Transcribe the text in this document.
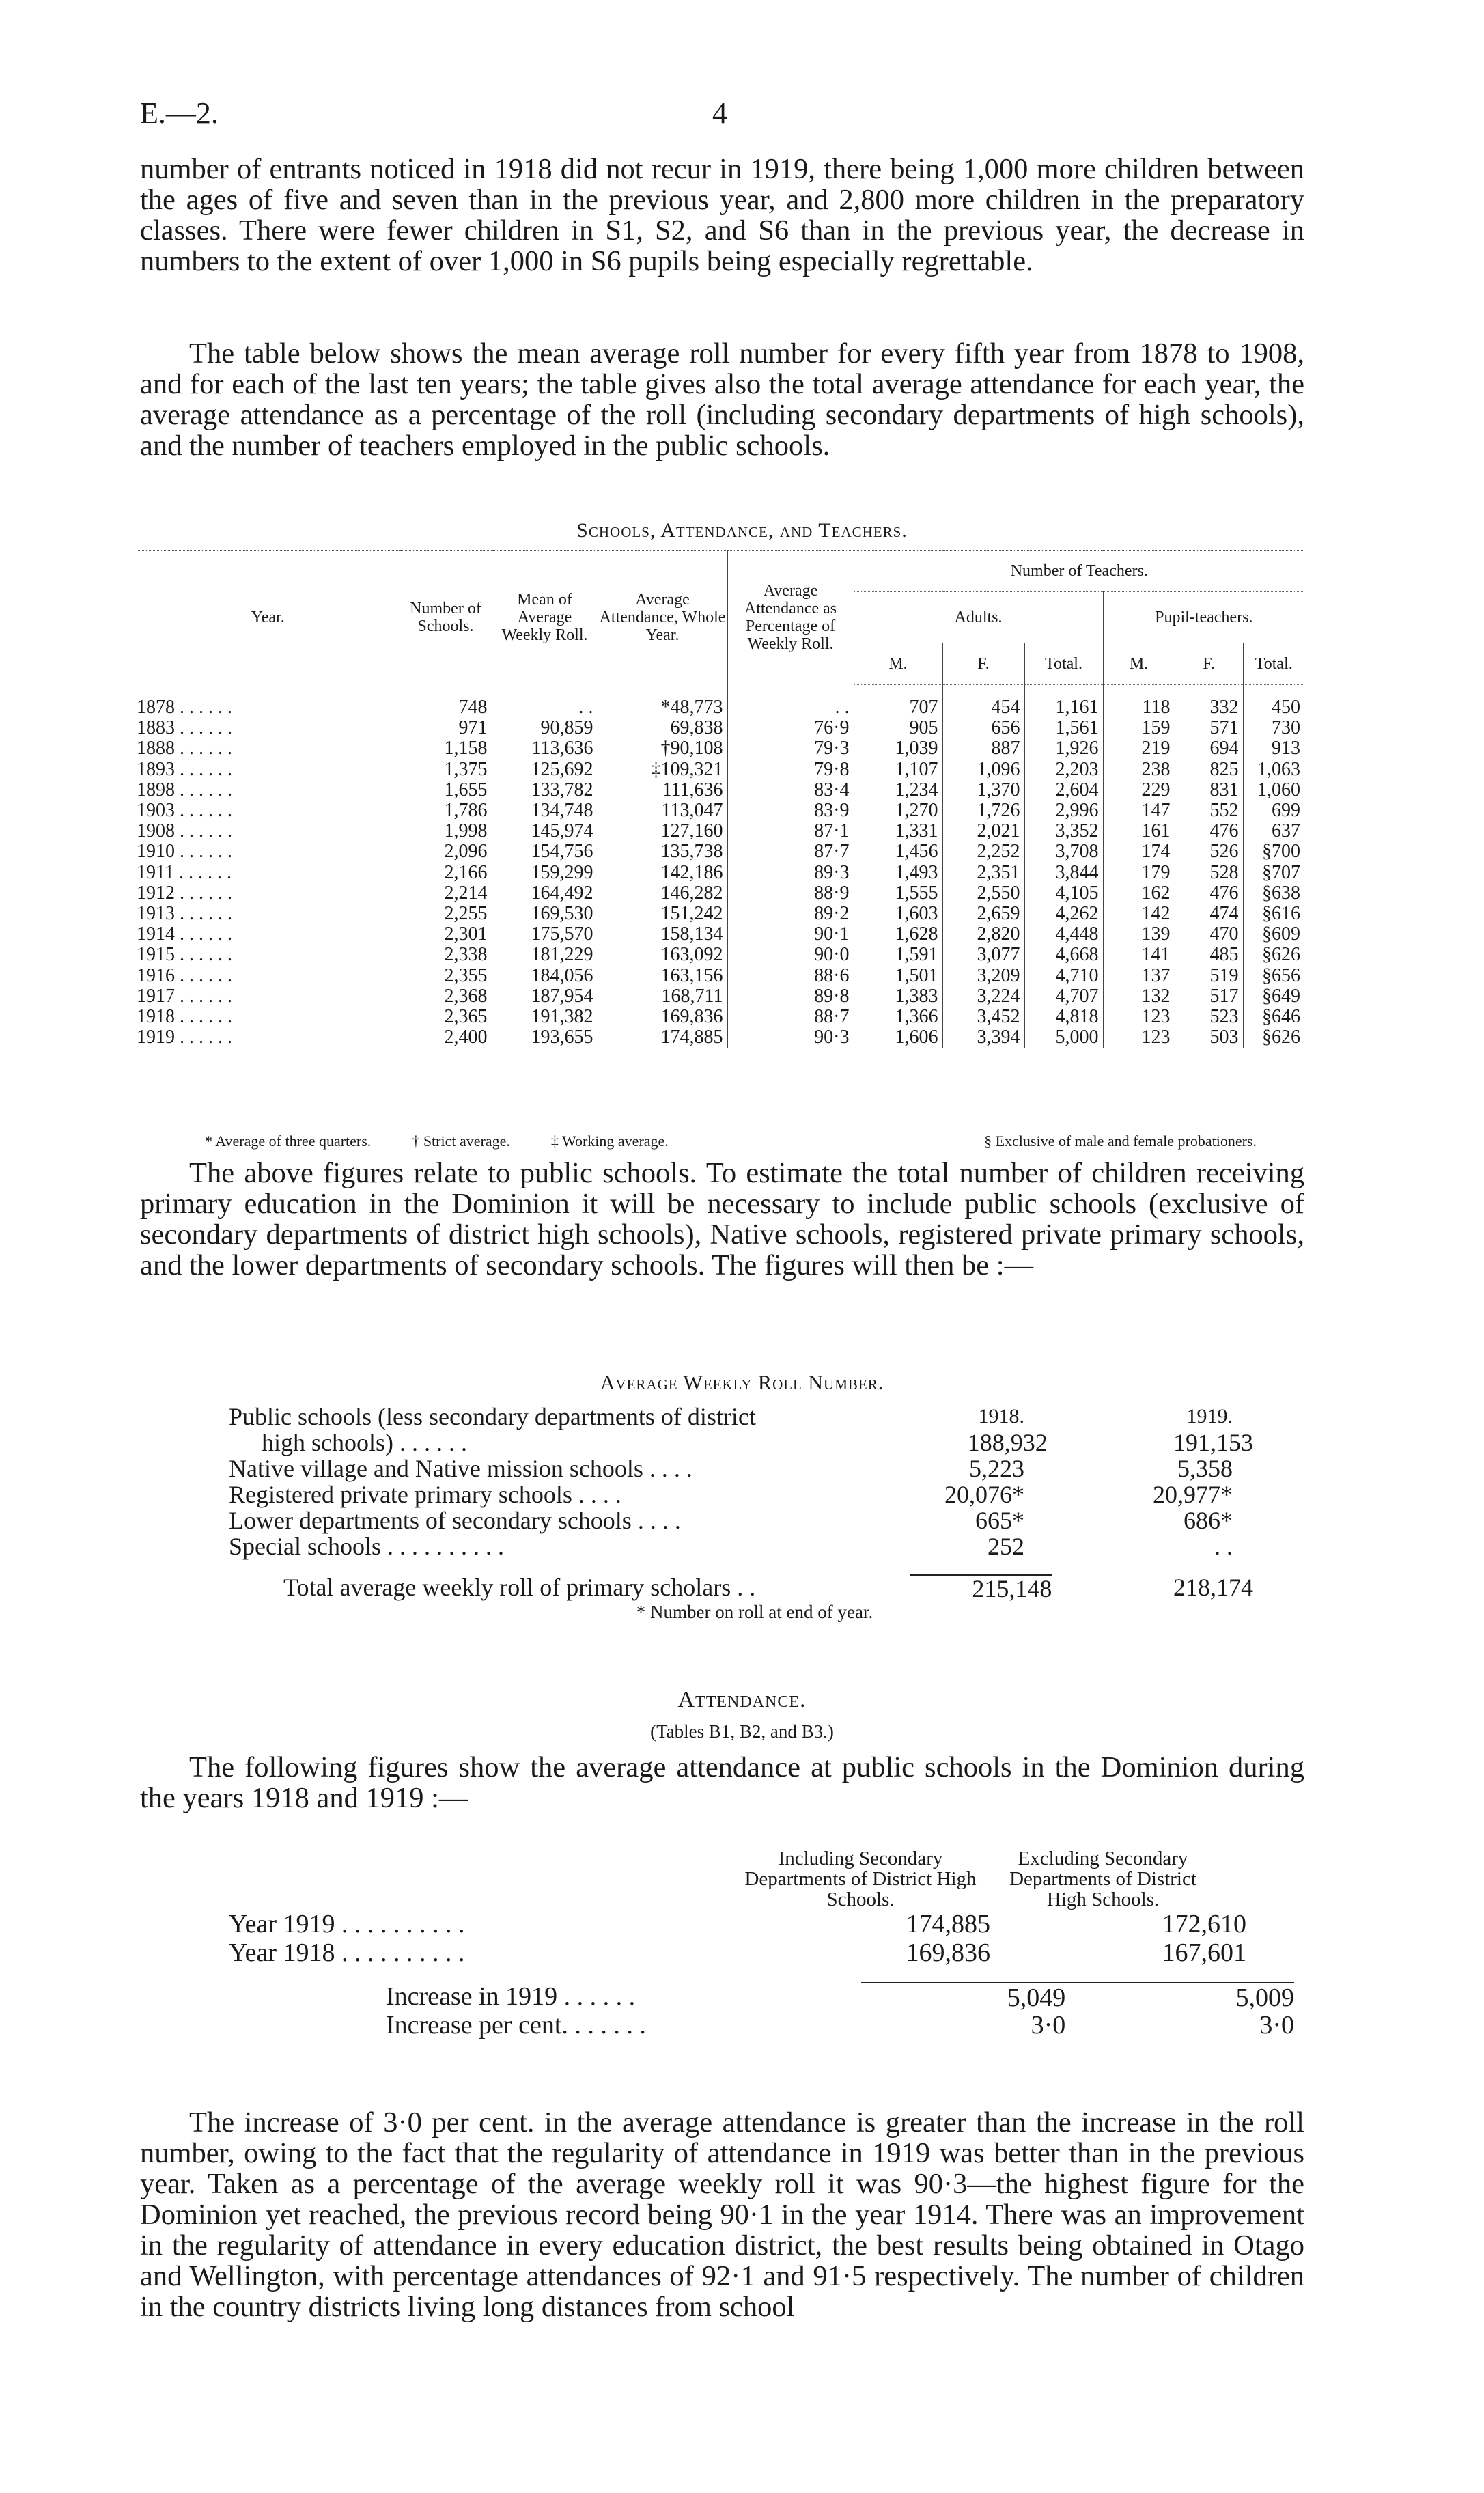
E.—2.	4

number of entrants noticed in 1918 did not recur in 1919, there being 1,000 more children between the ages of five and seven than in the previous year, and 2,800 more children in the preparatory classes. There were fewer children in S1, S2, and S6 than in the previous year, the decrease in numbers to the extent of over 1,000 in S6 pupils being especially regrettable.

The table below shows the mean average roll number for every fifth year from 1878 to 1908, and for each of the last ten years; the table gives also the total average attendance for each year, the average attendance as a percentage of the roll (including secondary departments of high schools), and the number of teachers employed in the public schools.

Schools, Attendance, and Teachers.
Year.	Number of Schools.	Mean of Average Weekly Roll.	Average Attendance, Whole Year.	Average Attendance as Percentage of Weekly Roll.	Number of Teachers.					
					Adults.			Pupil-teachers.		
					M.	F.	Total.	M.	F.	Total.
1878 . . . . . .	748	. .	*48,773	. .	707	454	1,161	118	332	450
1883 . . . . . .	971	90,859	69,838	76·9	905	656	1,561	159	571	730
1888 . . . . . .	1,158	113,636	†90,108	79·3	1,039	887	1,926	219	694	913
1893 . . . . . .	1,375	125,692	‡109,321	79·8	1,107	1,096	2,203	238	825	1,063
1898 . . . . . .	1,655	133,782	111,636	83·4	1,234	1,370	2,604	229	831	1,060
1903 . . . . . .	1,786	134,748	113,047	83·9	1,270	1,726	2,996	147	552	699
1908 . . . . . .	1,998	145,974	127,160	87·1	1,331	2,021	3,352	161	476	637
1910 . . . . . .	2,096	154,756	135,738	87·7	1,456	2,252	3,708	174	526	§700
1911 . . . . . .	2,166	159,299	142,186	89·3	1,493	2,351	3,844	179	528	§707
1912 . . . . . .	2,214	164,492	146,282	88·9	1,555	2,550	4,105	162	476	§638
1913 . . . . . .	2,255	169,530	151,242	89·2	1,603	2,659	4,262	142	474	§616
1914 . . . . . .	2,301	175,570	158,134	90·1	1,628	2,820	4,448	139	470	§609
1915 . . . . . .	2,338	181,229	163,092	90·0	1,591	3,077	4,668	141	485	§626
1916 . . . . . .	2,355	184,056	163,156	88·6	1,501	3,209	4,710	137	519	§656
1917 . . . . . .	2,368	187,954	168,711	89·8	1,383	3,224	4,707	132	517	§649
1918 . . . . . .	2,365	191,382	169,836	88·7	1,366	3,452	4,818	123	523	§646
1919 . . . . . .	2,400	193,655	174,885	90·3	1,606	3,394	5,000	123	503	§626
* Average of three quarters.	† Strict average.	‡ Working average.	§ Exclusive of male and female probationers.

The above figures relate to public schools. To estimate the total number of children receiving primary education in the Dominion it will be necessary to include public schools (exclusive of secondary departments of district high schools), Native schools, registered private primary schools, and the lower departments of secondary schools. The figures will then be :—

Average Weekly Roll Number.
Public schools (less secondary departments of district	1918.	1919.
high schools) . . . . . .	188,932	191,153
Native village and Native mission schools . . . .	5,223	5,358
Registered private primary schools . . . .	20,076*	20,977*
Lower departments of secondary schools . . . .	665*	686*
Special schools . . . . . . . . . .	252	. .
Total average weekly roll of primary scholars . .	215,148	218,174
* Number on roll at end of year.
Attendance.
(Tables B1, B2, and B3.)

The following figures show the average attendance at public schools in the Dominion during the years 1918 and 1919 :—

Including Secondary Departments of District High Schools.
Excluding Secondary Departments of District High Schools.
Year 1919 . . . . . . . . . .	174,885	172,610
Year 1918 . . . . . . . . . .	169,836	167,601
Increase in 1919 . . . . . .	5,049	5,009
Increase per cent. . . . . . .	3·0	3·0

The increase of 3·0 per cent. in the average attendance is greater than the increase in the roll number, owing to the fact that the regularity of attendance in 1919 was better than in the previous year. Taken as a percentage of the average weekly roll it was 90·3—the highest figure for the Dominion yet reached, the previous record being 90·1 in the year 1914. There was an improvement in the regularity of attendance in every education district, the best results being obtained in Otago and Wellington, with percentage attendances of 92·1 and 91·5 respectively. The number of children in the country districts living long distances from school
